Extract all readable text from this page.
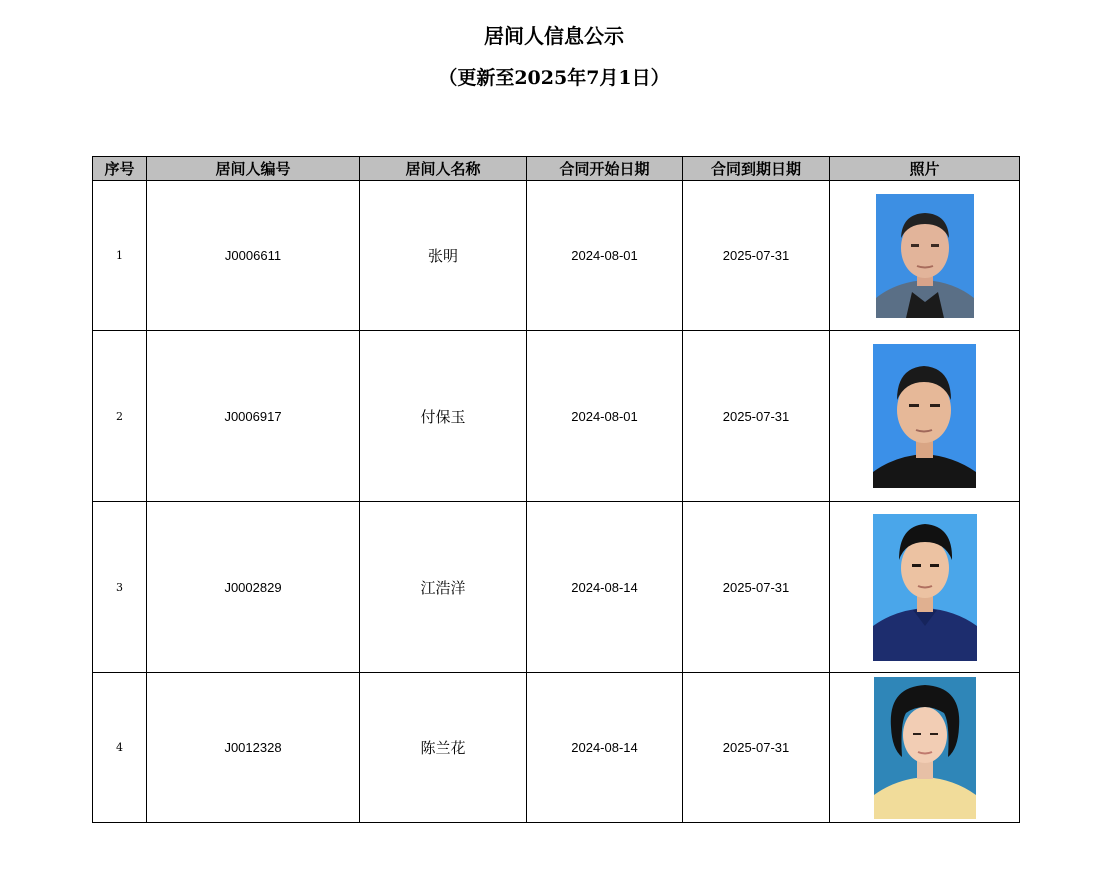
居间人信息公示
（更新至2025年7月1日）
序号	居间人编号	居间人名称	合同开始日期	合同到期日期	照片
1	J0006611	张明	2024-08-01	2025-07-31	

2	J0006917	付保玉	2024-08-01	2025-07-31	

3	J0002829	江浩洋	2024-08-14	2025-07-31	

4	J0012328	陈兰花	2024-08-14	2025-07-31	
